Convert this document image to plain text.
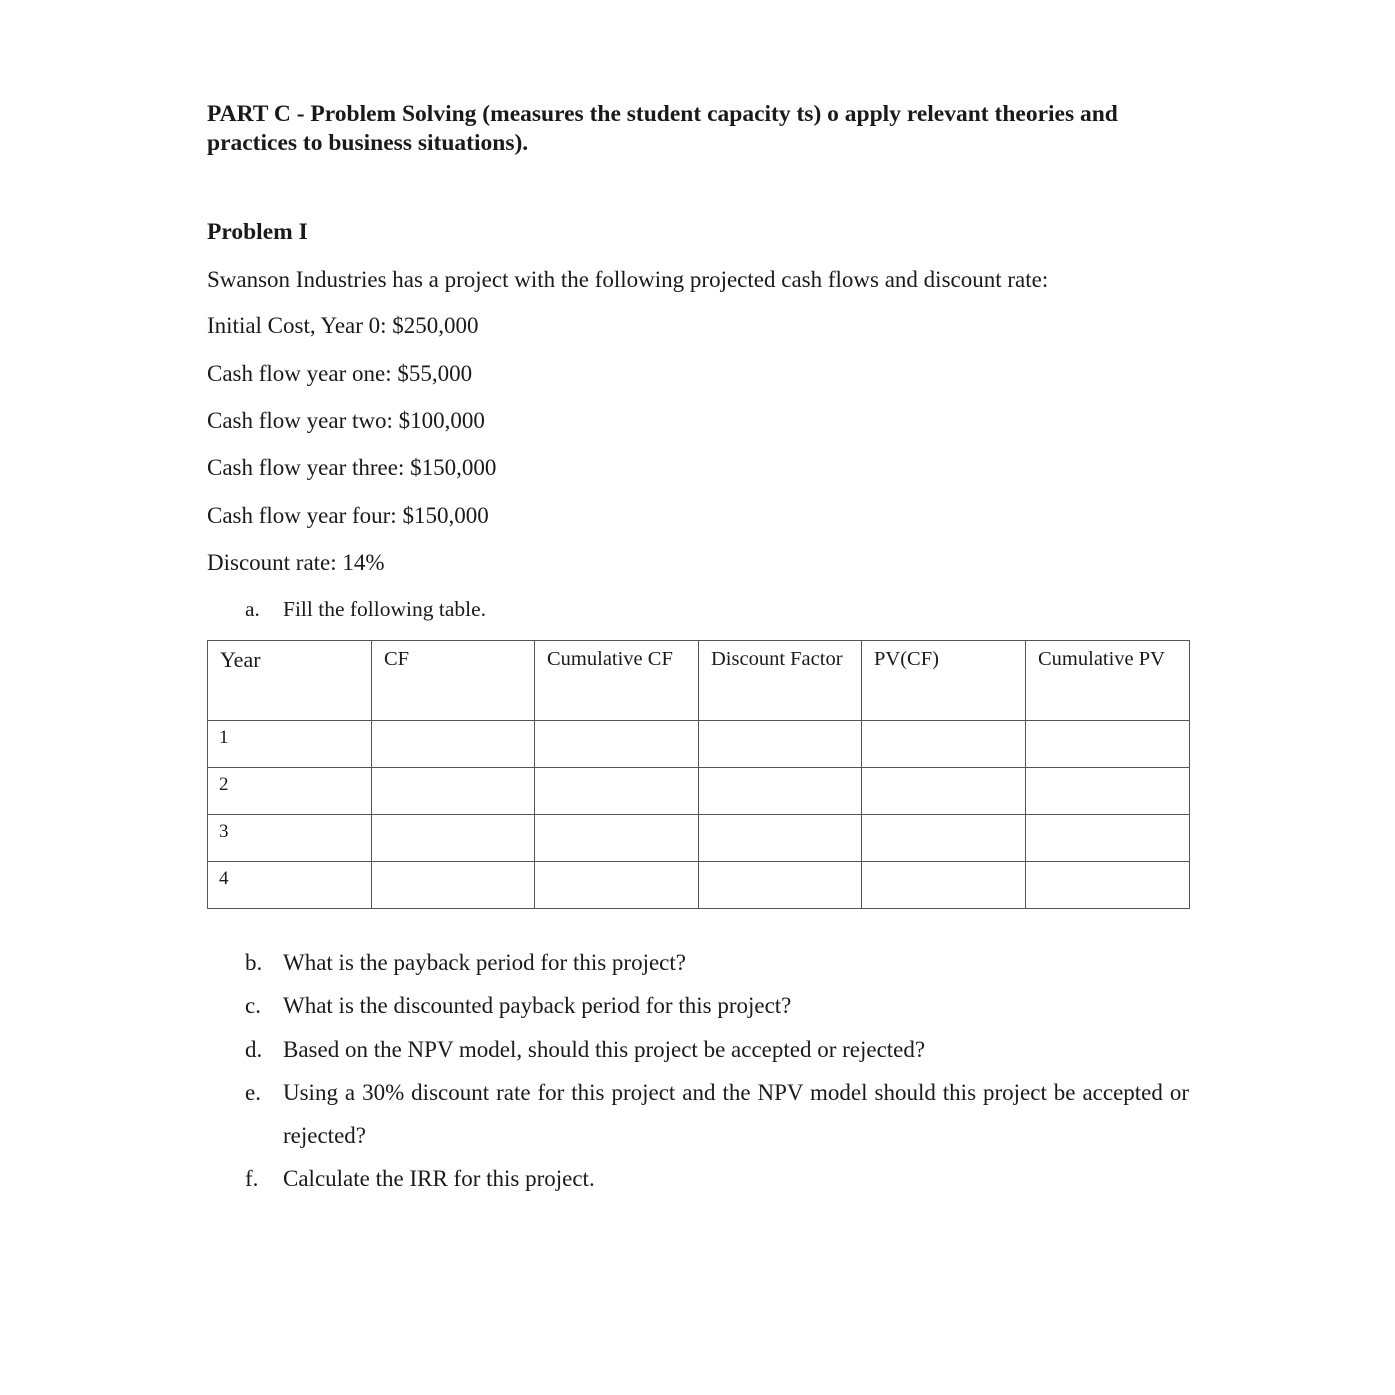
PART C - Problem Solving (measures the student capacity ts) o apply relevant theories and practices to business situations).

Problem I

Swanson Industries has a project with the following projected cash flows and discount rate:

Initial Cost, Year 0: $250,000

Cash flow year one: $55,000

Cash flow year two: $100,000

Cash flow year three: $150,000

Cash flow year four: $150,000

Discount rate: 14%

a. Fill the following table.

Year	CF	Cumulative CF	Discount Factor	PV(CF)	Cumulative PV
1					
2					
3					
4					

b. What is the payback period for this project?

c. What is the discounted payback period for this project?

d. Based on the NPV model, should this project be accepted or rejected?

e. Using a 30% discount rate for this project and the NPV model should this project be accepted or rejected?

f. Calculate the IRR for this project.
